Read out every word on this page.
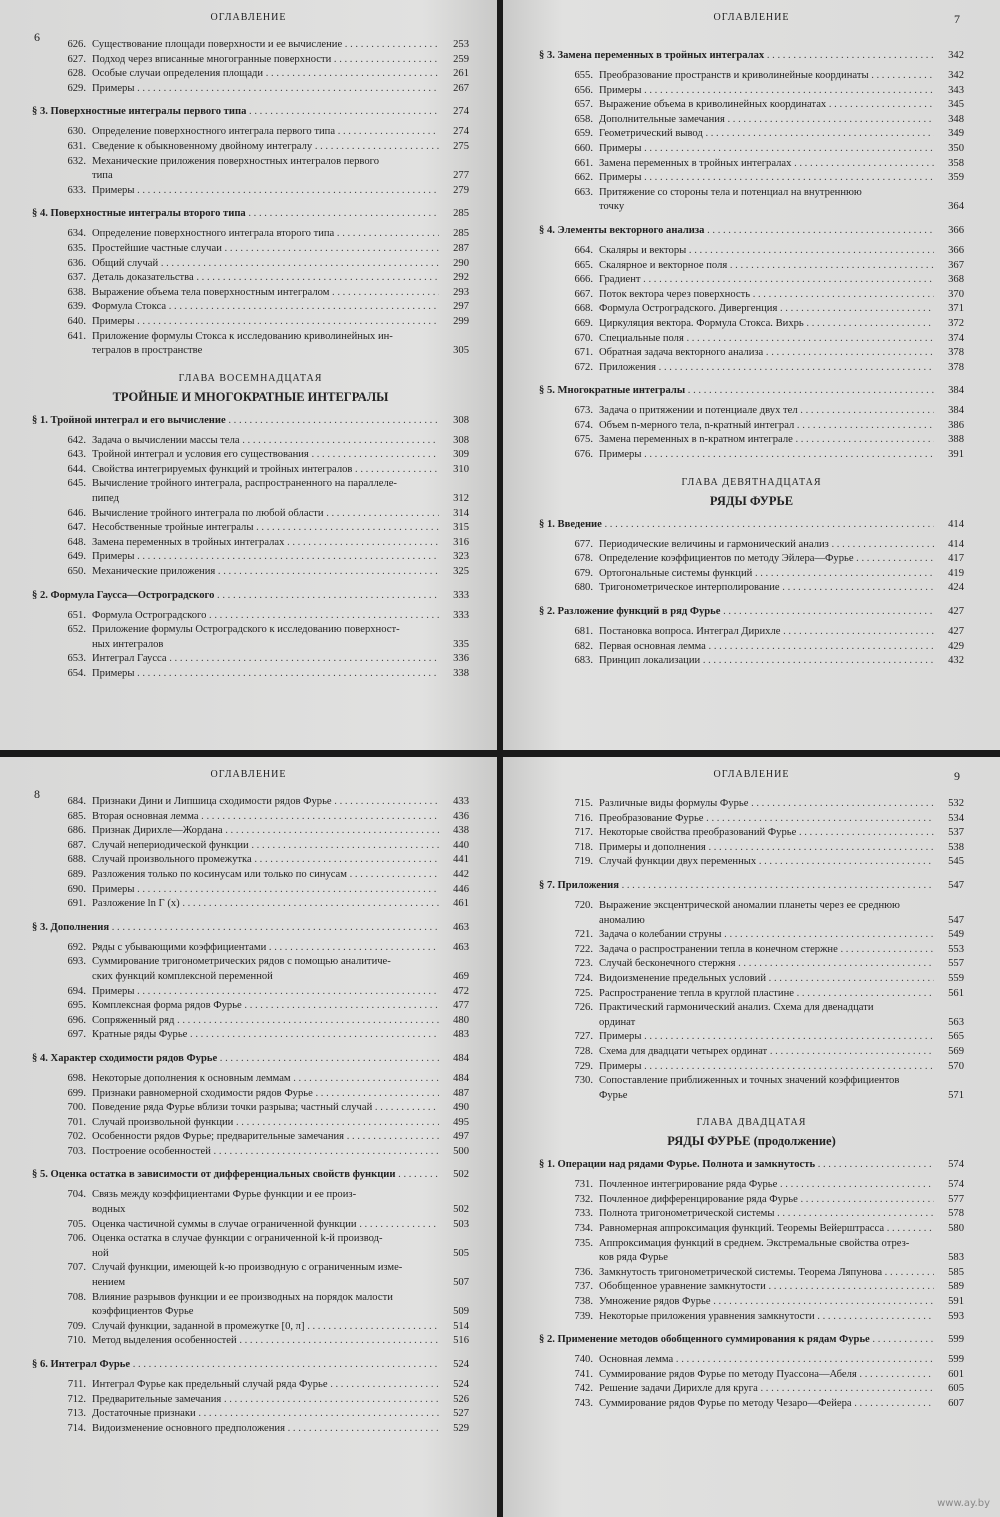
ОГЛАВЛЕНИЕ
6
626. Существование площади поверхности и ее вычисление . . .	253
627. Подход через вписанные многогранные поверхности . . .	259
628. Особые случаи определения площади . . .	261
629. Примеры . . .	267
§ 3. Поверхностные интегралы первого типа . . .	274
630. Определение поверхностного интеграла первого типа . . .	274
631. Сведение к обыкновенному двойному интегралу . . .	275
632. Механические приложения поверхностных интегралов первого
типа	277
633. Примеры . . .	279
§ 4. Поверхностные интегралы второго типа . . .	285
634. Определение поверхностного интеграла второго типа . . .	285
635. Простейшие частные случаи . . .	287
636. Общий случай . . .	290
637. Деталь доказательства . . .	292
638. Выражение объема тела поверхностным интегралом . . .	293
639. Формула Стокса . . .	297
640. Примеры . . .	299
641. Приложение формулы Стокса к исследованию криволинейных ин-
тегралов в пространстве	305
ГЛАВА ВОСЕМНАДЦАТАЯ
ТРОЙНЫЕ И МНОГОКРАТНЫЕ ИНТЕГРАЛЫ
§ 1. Тройной интеграл и его вычисление . . .	308
642. Задача о вычислении массы тела . . .	308
643. Тройной интеграл и условия его существования . . .	309
644. Свойства интегрируемых функций и тройных интегралов . . .	310
645. Вычисление тройного интеграла, распространенного на параллеле-
пипед	312
646. Вычисление тройного интеграла по любой области . . .	314
647. Несобственные тройные интегралы . . .	315
648. Замена переменных в тройных интегралах . . .	316
649. Примеры . . .	323
650. Механические приложения . . .	325
§ 2. Формула Гаусса—Остроградского . . .	333
651. Формула Остроградского . . .	333
652. Приложение формулы Остроградского к исследованию поверхност-
ных интегралов	335
653. Интеграл Гаусса . . .	336
654. Примеры . . .	338
ОГЛАВЛЕНИЕ	7
§ 3. Замена переменных в тройных интегралах . . .	342
655. Преобразование пространств и криволинейные координаты . . .	342
656. Примеры . . .	343
657. Выражение объема в криволинейных координатах . . .	345
658. Дополнительные замечания . . .	348
659. Геометрический вывод . . .	349
660. Примеры . . .	350
661. Замена переменных в тройных интегралах . . .	358
662. Примеры . . .	359
663. Притяжение со стороны тела и потенциал на внутреннюю
точку	364
§ 4. Элементы векторного анализа . . .	366
664. Скаляры и векторы . . .	366
665. Скалярное и векторное поля . . .	367
666. Градиент . . .	368
667. Поток вектора через поверхность . . .	370
668. Формула Остроградского. Дивергенция . . .	371
669. Циркуляция вектора. Формула Стокса. Вихрь . . .	372
670. Специальные поля . . .	374
671. Обратная задача векторного анализа . . .	378
672. Приложения . . .	378
§ 5. Многократные интегралы . . .	384
673. Задача о притяжении и потенциале двух тел . . .	384
674. Объем n-мерного тела, n-кратный интеграл . . .	386
675. Замена переменных в n-кратном интеграле . . .	388
676. Примеры . . .	391
ГЛАВА ДЕВЯТНАДЦАТАЯ
РЯДЫ ФУРЬЕ
§ 1. Введение . . .	414
677. Периодические величины и гармонический анализ . . .	414
678. Определение коэффициентов по методу Эйлера—Фурье . . .	417
679. Ортогональные системы функций . . .	419
680. Тригонометрическое интерполирование . . .	424
§ 2. Разложение функций в ряд Фурье . . .	427
681. Постановка вопроса. Интеграл Дирихле . . .	427
682. Первая основная лемма . . .	429
683. Принцип локализации . . .	432
ОГЛАВЛЕНИЕ
8
684. Признаки Дини и Липшица сходимости рядов Фурье . . .	433
685. Вторая основная лемма . . .	436
686. Признак Дирихле—Жордана . . .	438
687. Случай непериодической функции . . .	440
688. Случай произвольного промежутка . . .	441
689. Разложения только по косинусам или только по синусам . . .	442
690. Примеры . . .	446
691. Разложение ln Γ (x) . . .	461
§ 3. Дополнения . . .	463
692. Ряды с убывающими коэффициентами . . .	463
693. Суммирование тригонометрических рядов с помощью аналитиче-
ских функций комплексной переменной	469
694. Примеры . . .	472
695. Комплексная форма рядов Фурье . . .	477
696. Сопряженный ряд . . .	480
697. Кратные ряды Фурье . . .	483
§ 4. Характер сходимости рядов Фурье . . .	484
698. Некоторые дополнения к основным леммам . . .	484
699. Признаки равномерной сходимости рядов Фурье . . .	487
700. Поведение ряда Фурье вблизи точки разрыва; частный случай . . .	490
701. Случай произвольной функции . . .	495
702. Особенности рядов Фурье; предварительные замечания . . .	497
703. Построение особенностей . . .	500
§ 5. Оценка остатка в зависимости от дифференциальных свойств функции . . .	502
704. Связь между коэффициентами Фурье функции и ее произ-
водных	502
705. Оценка частичной суммы в случае ограниченной функции . . .	503
706. Оценка остатка в случае функции с ограниченной k-й производ-
ной	505
707. Случай функции, имеющей k-ю производную с ограниченным изме-
нением	507
708. Влияние разрывов функции и ее производных на порядок малости
коэффициентов Фурье	509
709. Случай функции, заданной в промежутке [0, π] . . .	514
710. Метод выделения особенностей . . .	516
§ 6. Интеграл Фурье . . .	524
711. Интеграл Фурье как предельный случай ряда Фурье . . .	524
712. Предварительные замечания . . .	526
713. Достаточные признаки . . .	527
714. Видоизменение основного предположения . . .	529
ОГЛАВЛЕНИЕ	9
715. Различные виды формулы Фурье . . .	532
716. Преобразование Фурье . . .	534
717. Некоторые свойства преобразований Фурье . . .	537
718. Примеры и дополнения . . .	538
719. Случай функции двух переменных . . .	545
§ 7. Приложения . . .	547
720. Выражение эксцентрической аномалии планеты через ее среднюю
аномалию	547
721. Задача о колебании струны . . .	549
722. Задача о распространении тепла в конечном стержне . . .	553
723. Случай бесконечного стержня . . .	557
724. Видоизменение предельных условий . . .	559
725. Распространение тепла в круглой пластине . . .	561
726. Практический гармонический анализ. Схема для двенадцати
ординат	563
727. Примеры . . .	565
728. Схема для двадцати четырех ординат . . .	569
729. Примеры . . .	570
730. Сопоставление приближенных и точных значений коэффициентов
Фурье	571
ГЛАВА ДВАДЦАТАЯ
РЯДЫ ФУРЬЕ (продолжение)
§ 1. Операции над рядами Фурье. Полнота и замкнутость . . .	574
731. Почленное интегрирование ряда Фурье . . .	574
732. Почленное дифференцирование ряда Фурье . . .	577
733. Полнота тригонометрической системы . . .	578
734. Равномерная аппроксимация функций. Теоремы Вейерштрасса . . .	580
735. Аппроксимация функций в среднем. Экстремальные свойства отрез-
ков ряда Фурье	583
736. Замкнутость тригонометрической системы. Теорема Ляпунова . . .	585
737. Обобщенное уравнение замкнутости . . .	589
738. Умножение рядов Фурье . . .	591
739. Некоторые приложения уравнения замкнутости . . .	593
§ 2. Применение методов обобщенного суммирования к рядам Фурье . . .	599
740. Основная лемма . . .	599
741. Суммирование рядов Фурье по методу Пуассона—Абеля . . .	601
742. Решение задачи Дирихле для круга . . .	605
743. Суммирование рядов Фурье по методу Чезаро—Фейера . . .	607
www.ay.by
